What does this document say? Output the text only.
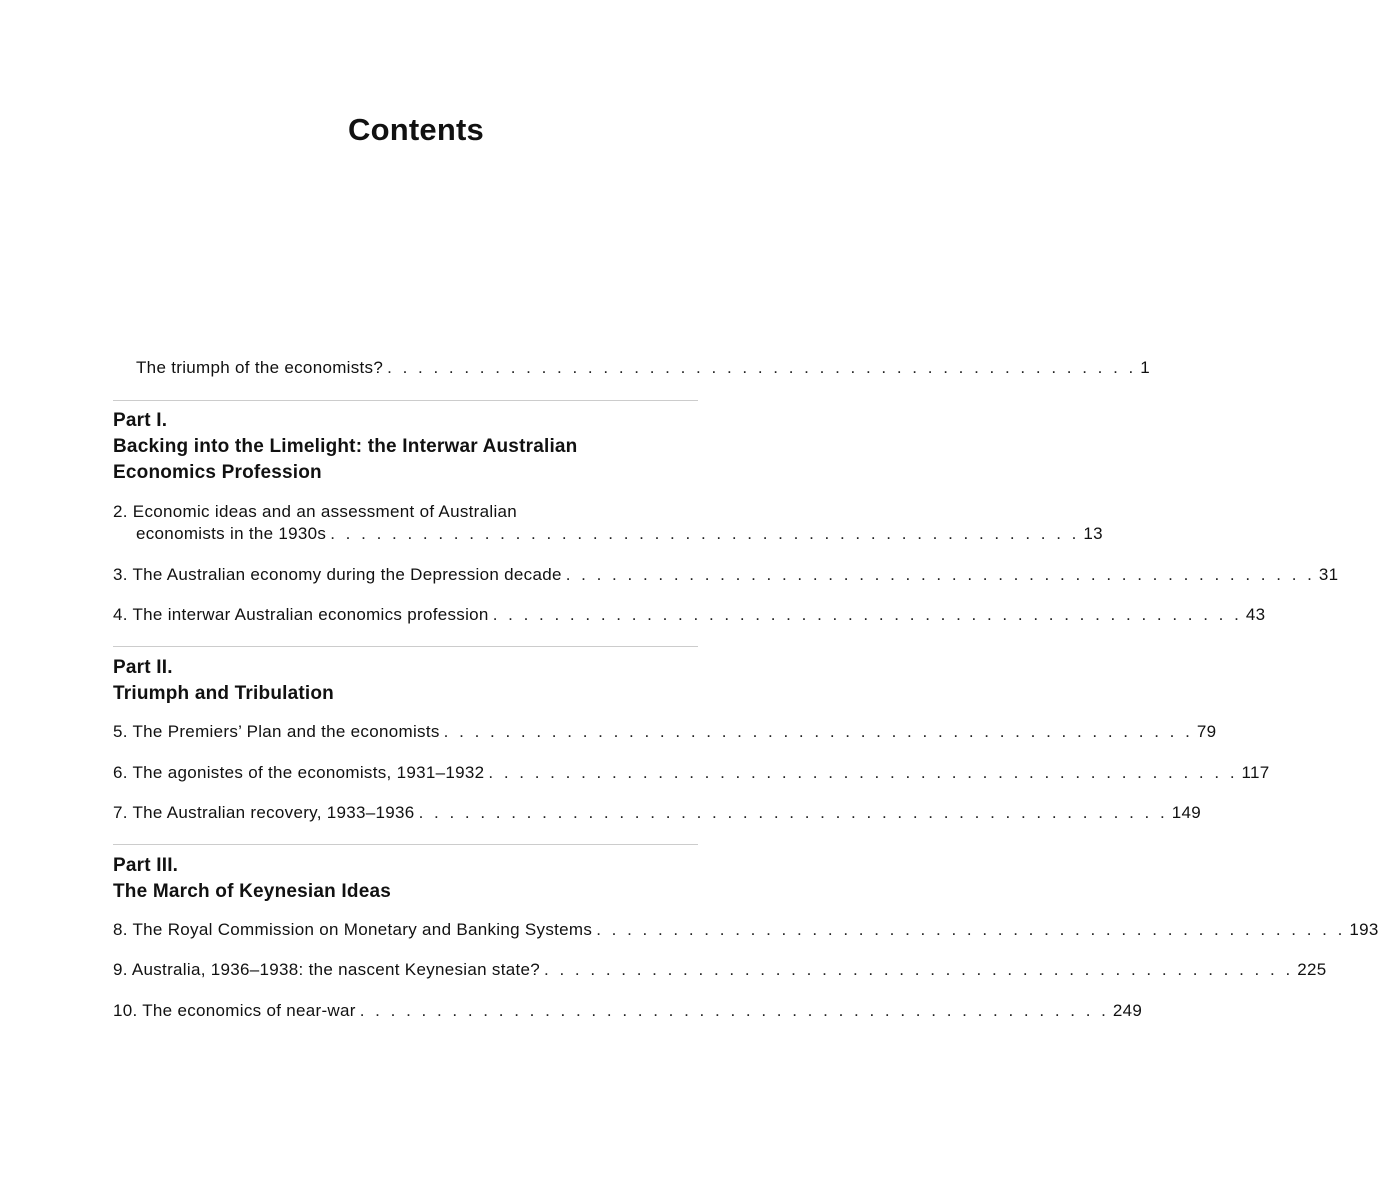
Contents
The triumph of the economists? . . . . . . . . . . . . . . . . . . . . . . . . . . . . . . . . . . . . . . . . . . . . . . . . . 1
Part I.
Backing into the Limelight: the Interwar Australian
Economics Profession
2. Economic ideas and an assessment of Australian
economists in the 1930s . . . . . . . . . . . . . . . . . . . . . . . . . . . . . . . . . . . . . . . . . . . . . . . . . 13
3. The Australian economy during the Depression decade . . . . . . . . . . . . . . . . . . . . . . . . . . . . . . . . . . . . . . . . . . . . . . . . . 31
4. The interwar Australian economics profession . . . . . . . . . . . . . . . . . . . . . . . . . . . . . . . . . . . . . . . . . . . . . . . . . 43
Part II.
Triumph and Tribulation
5. The Premiers’ Plan and the economists . . . . . . . . . . . . . . . . . . . . . . . . . . . . . . . . . . . . . . . . . . . . . . . . . 79
6. The agonistes of the economists, 1931–1932 . . . . . . . . . . . . . . . . . . . . . . . . . . . . . . . . . . . . . . . . . . . . . . . . . 117
7. The Australian recovery, 1933–1936 . . . . . . . . . . . . . . . . . . . . . . . . . . . . . . . . . . . . . . . . . . . . . . . . . 149
Part III.
The March of Keynesian Ideas
8. The Royal Commission on Monetary and Banking Systems . . . . . . . . . . . . . . . . . . . . . . . . . . . . . . . . . . . . . . . . . . . . . . . . . 193
9. Australia, 1936–1938: the nascent Keynesian state? . . . . . . . . . . . . . . . . . . . . . . . . . . . . . . . . . . . . . . . . . . . . . . . . . 225
10. The economics of near-war . . . . . . . . . . . . . . . . . . . . . . . . . . . . . . . . . . . . . . . . . . . . . . . . . 249
